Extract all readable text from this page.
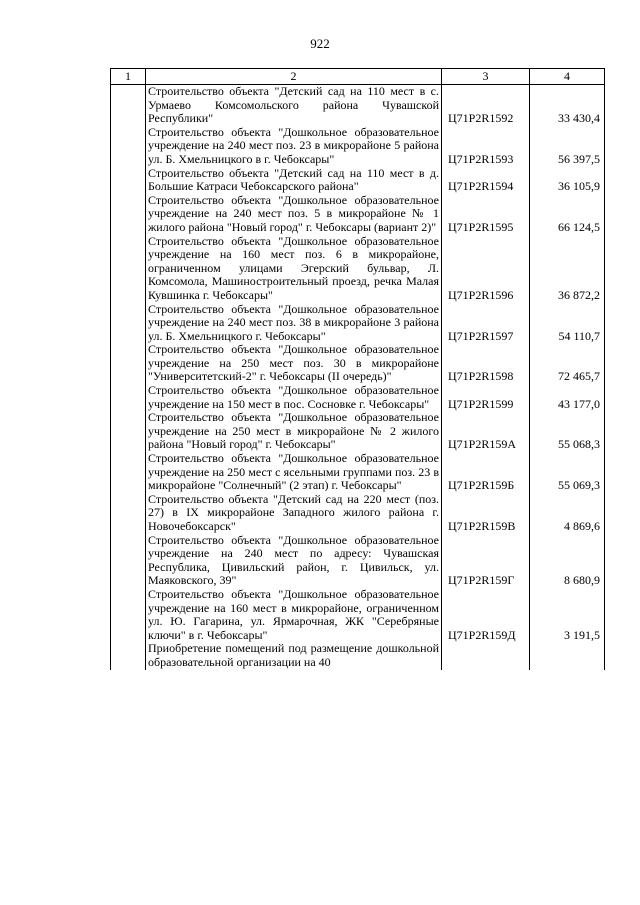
922
1	2	3	4
	Строительство объекта "Детский сад на 110 мест в с. Урмаево Комсомольского района Чувашской Республики"	Ц71Р2R1592	33 430,4
	Строительство объекта "Дошкольное образовательное учреждение на 240 мест поз. 23 в микрорайоне 5 района ул. Б. Хмельницкого в г. Чебоксары"	Ц71Р2R1593	56 397,5
	Строительство объекта "Детский сад на 110 мест в д. Большие Катраси Чебоксарского района"	Ц71Р2R1594	36 105,9
	Строительство объекта "Дошкольное образовательное учреждение на 240 мест поз. 5 в микрорайоне № 1 жилого района "Новый город" г. Чебоксары (вариант 2)"	Ц71Р2R1595	66 124,5
	Строительство объекта "Дошкольное образовательное учреждение на 160 мест поз. 6 в микрорайоне, ограниченном улицами Эгерский бульвар, Л. Комсомола, Машиностроительный проезд, речка Малая Кувшинка г. Чебоксары"	Ц71Р2R1596	36 872,2
	Строительство объекта "Дошкольное образовательное учреждение на 240 мест поз. 38 в микрорайоне 3 района ул. Б. Хмельницкого г. Чебоксары"	Ц71Р2R1597	54 110,7
	Строительство объекта "Дошкольное образовательное учреждение на 250 мест поз. 30 в микрорайоне "Университетский-2" г. Чебоксары (II очередь)"	Ц71Р2R1598	72 465,7
	Строительство объекта "Дошкольное образовательное учреждение на 150 мест в пос. Сосновке г. Чебоксары"	Ц71Р2R1599	43 177,0
	Строительство объекта "Дошкольное образовательное учреждение на 250 мест в микрорайоне № 2 жилого района "Новый город" г. Чебоксары"	Ц71Р2R159А	55 068,3
	Строительство объекта "Дошкольное образовательное учреждение на 250 мест с ясельными группами поз. 23 в микрорайоне "Солнечный" (2 этап) г. Чебоксары"	Ц71Р2R159Б	55 069,3
	Строительство объекта "Детский сад на 220 мест (поз. 27) в IX микрорайоне Западного жилого района г. Новочебоксарск"	Ц71Р2R159В	4 869,6
	Строительство объекта "Дошкольное образовательное учреждение на 240 мест по адресу: Чувашская Республика, Цивильский район, г. Цивильск, ул. Маяковского, 39"	Ц71Р2R159Г	8 680,9
	Строительство объекта "Дошкольное образовательное учреждение на 160 мест в микрорайоне, ограниченном ул. Ю. Гагарина, ул. Ярмарочная, ЖК "Серебряные ключи" в г. Чебоксары"	Ц71Р2R159Д	3 191,5
	Приобретение помещений под размещение дошкольной образовательной организации на 40		
